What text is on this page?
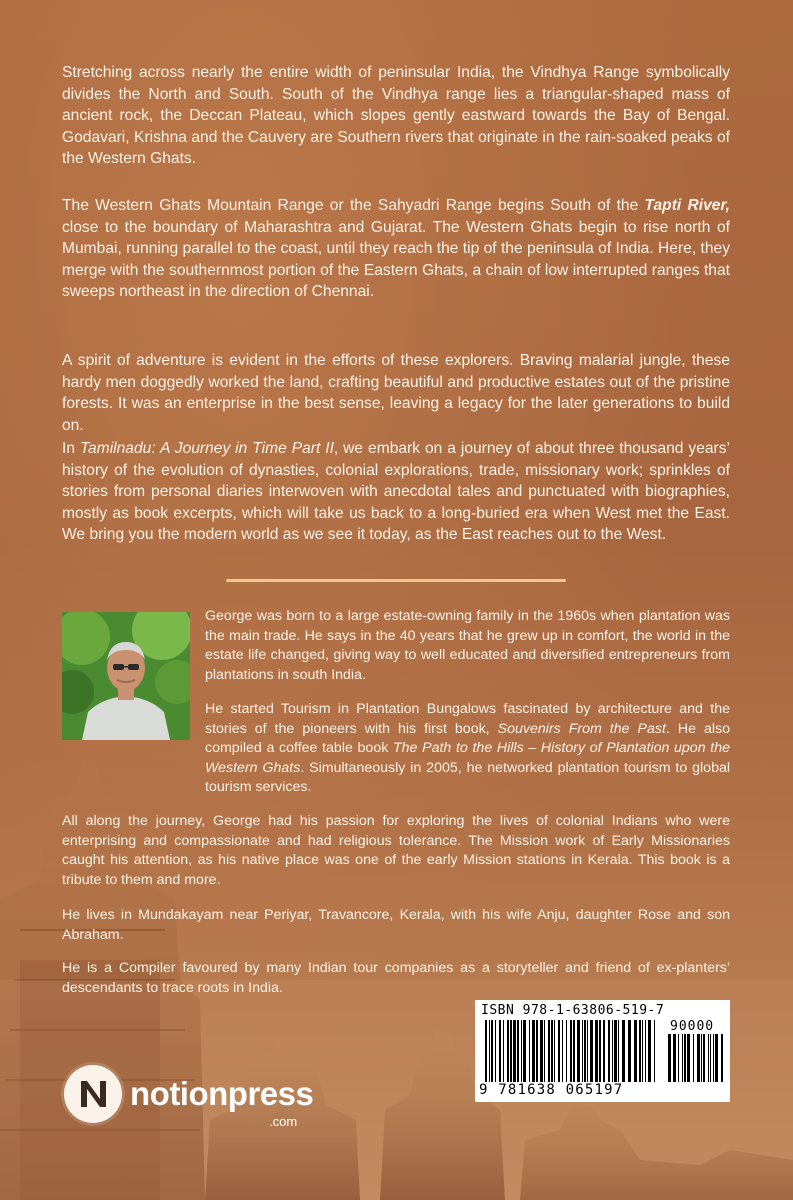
Stretching across nearly the entire width of peninsular India, the Vindhya Range symbolically divides the North and South. South of the Vindhya range lies a triangular-shaped mass of ancient rock, the Deccan Plateau, which slopes gently eastward towards the Bay of Bengal. Godavari, Krishna and the Cauvery are Southern rivers that originate in the rain-soaked peaks of the Western Ghats.

The Western Ghats Mountain Range or the Sahyadri Range begins South of the Tapti River, close to the boundary of Maharashtra and Gujarat. The Western Ghats begin to rise north of Mumbai, running parallel to the coast, until they reach the tip of the peninsula of India. Here, they merge with the southernmost portion of the Eastern Ghats, a chain of low interrupted ranges that sweeps northeast in the direction of Chennai.

A spirit of adventure is evident in the efforts of these explorers. Braving malarial jungle, these hardy men doggedly worked the land, crafting beautiful and productive estates out of the pristine forests. It was an enterprise in the best sense, leaving a legacy for the later generations to build on.

In Tamilnadu: A Journey in Time Part II, we embark on a journey of about three thousand years’ history of the evolution of dynasties, colonial explorations, trade, missionary work; sprinkles of stories from personal diaries interwoven with anecdotal tales and punctuated with biographies, mostly as book excerpts, which will take us back to a long-buried era when West met the East. We bring you the modern world as we see it today, as the East reaches out to the West.

George was born to a large estate-owning family in the 1960s when plantation was the main trade. He says in the 40 years that he grew up in comfort, the world in the estate life changed, giving way to well educated and diversified entrepreneurs from plantations in south India.

He started Tourism in Plantation Bungalows fascinated by architecture and the stories of the pioneers with his first book, Souvenirs From the Past. He also compiled a coffee table book The Path to the Hills – History of Plantation upon the Western Ghats. Simultaneously in 2005, he networked plantation tourism to global tourism services.

All along the journey, George had his passion for exploring the lives of colonial Indians who were enterprising and compassionate and had religious tolerance. The Mission work of Early Missionaries caught his attention, as his native place was one of the early Mission stations in Kerala. This book is a tribute to them and more.

He lives in Mundakayam near Periyar, Travancore, Kerala, with his wife Anju, daughter Rose and son Abraham.

He is a Compiler favoured by many Indian tour companies as a storyteller and friend of ex-planters’ descendants to trace roots in India.

ISBN 978-1-63806-519-7
90000
9 781638 065197
notionpress
.com
